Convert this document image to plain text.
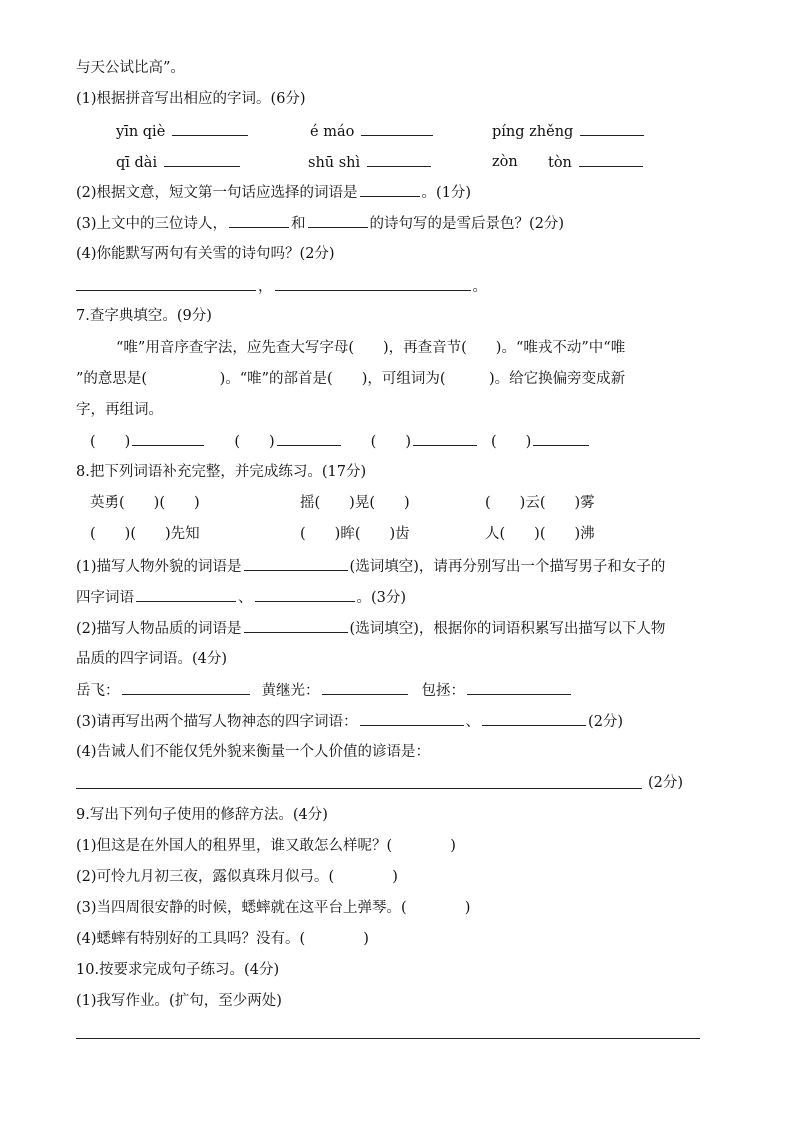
与天公试比高”。
(1)根据拼音写出相应的字词。(6分)
yīn qiè	é máo	píng zhěng
qī dài	shū shì	zòn tòn
(2)根据文意，短文第一句话应选择的词语是	。(1分)
(3)上文中的三位诗人，	和	的诗句写的是雪后景色？(2分)
(4)你能默写两句有关雪的诗句吗？(2分)
，	。
7.查字典填空。(9分)
“唯”用音序查字法，应先查大写字母(　　)，再查音节(　　)。“唯戎不动”中“唯
”的意思是(　　　　　)。“唯”的部首是(　　)，可组词为(　　　)。给它换偏旁变成新
字，再组词。
(　　)	(　　)	(　　)	(　　)
8.把下列词语补充完整，并完成练习。(17分)
英勇(　　)(　　)	摇(　　)晃(　　)	(　　)云(　　)雾
(　　)(　　)先知	(　　)眸(　　)齿	人(　　)(　　)沸
(1)描写人物外貌的词语是	(选词填空)，请再分别写出一个描写男子和女子的
四字词语	、	。(3分)
(2)描写人物品质的词语是	(选词填空)，根据你的词语积累写出描写以下人物
品质的四字词语。(4分)
岳飞：	黄继光：	包拯：
(3)请再写出两个描写人物神态的四字词语：	、	(2分)
(4)告诫人们不能仅凭外貌来衡量一个人价值的谚语是：
(2分)
9.写出下列句子使用的修辞方法。(4分)
(1)但这是在外国人的租界里，谁又敢怎么样呢？(　　　　)
(2)可怜九月初三夜，露似真珠月似弓。(　　　　)
(3)当四周很安静的时候，蟋蟀就在这平台上弹琴。(　　　　)
(4)蟋蟀有特别好的工具吗？没有。(　　　　)
10.按要求完成句子练习。(4分)
(1)我写作业。(扩句，至少两处)
